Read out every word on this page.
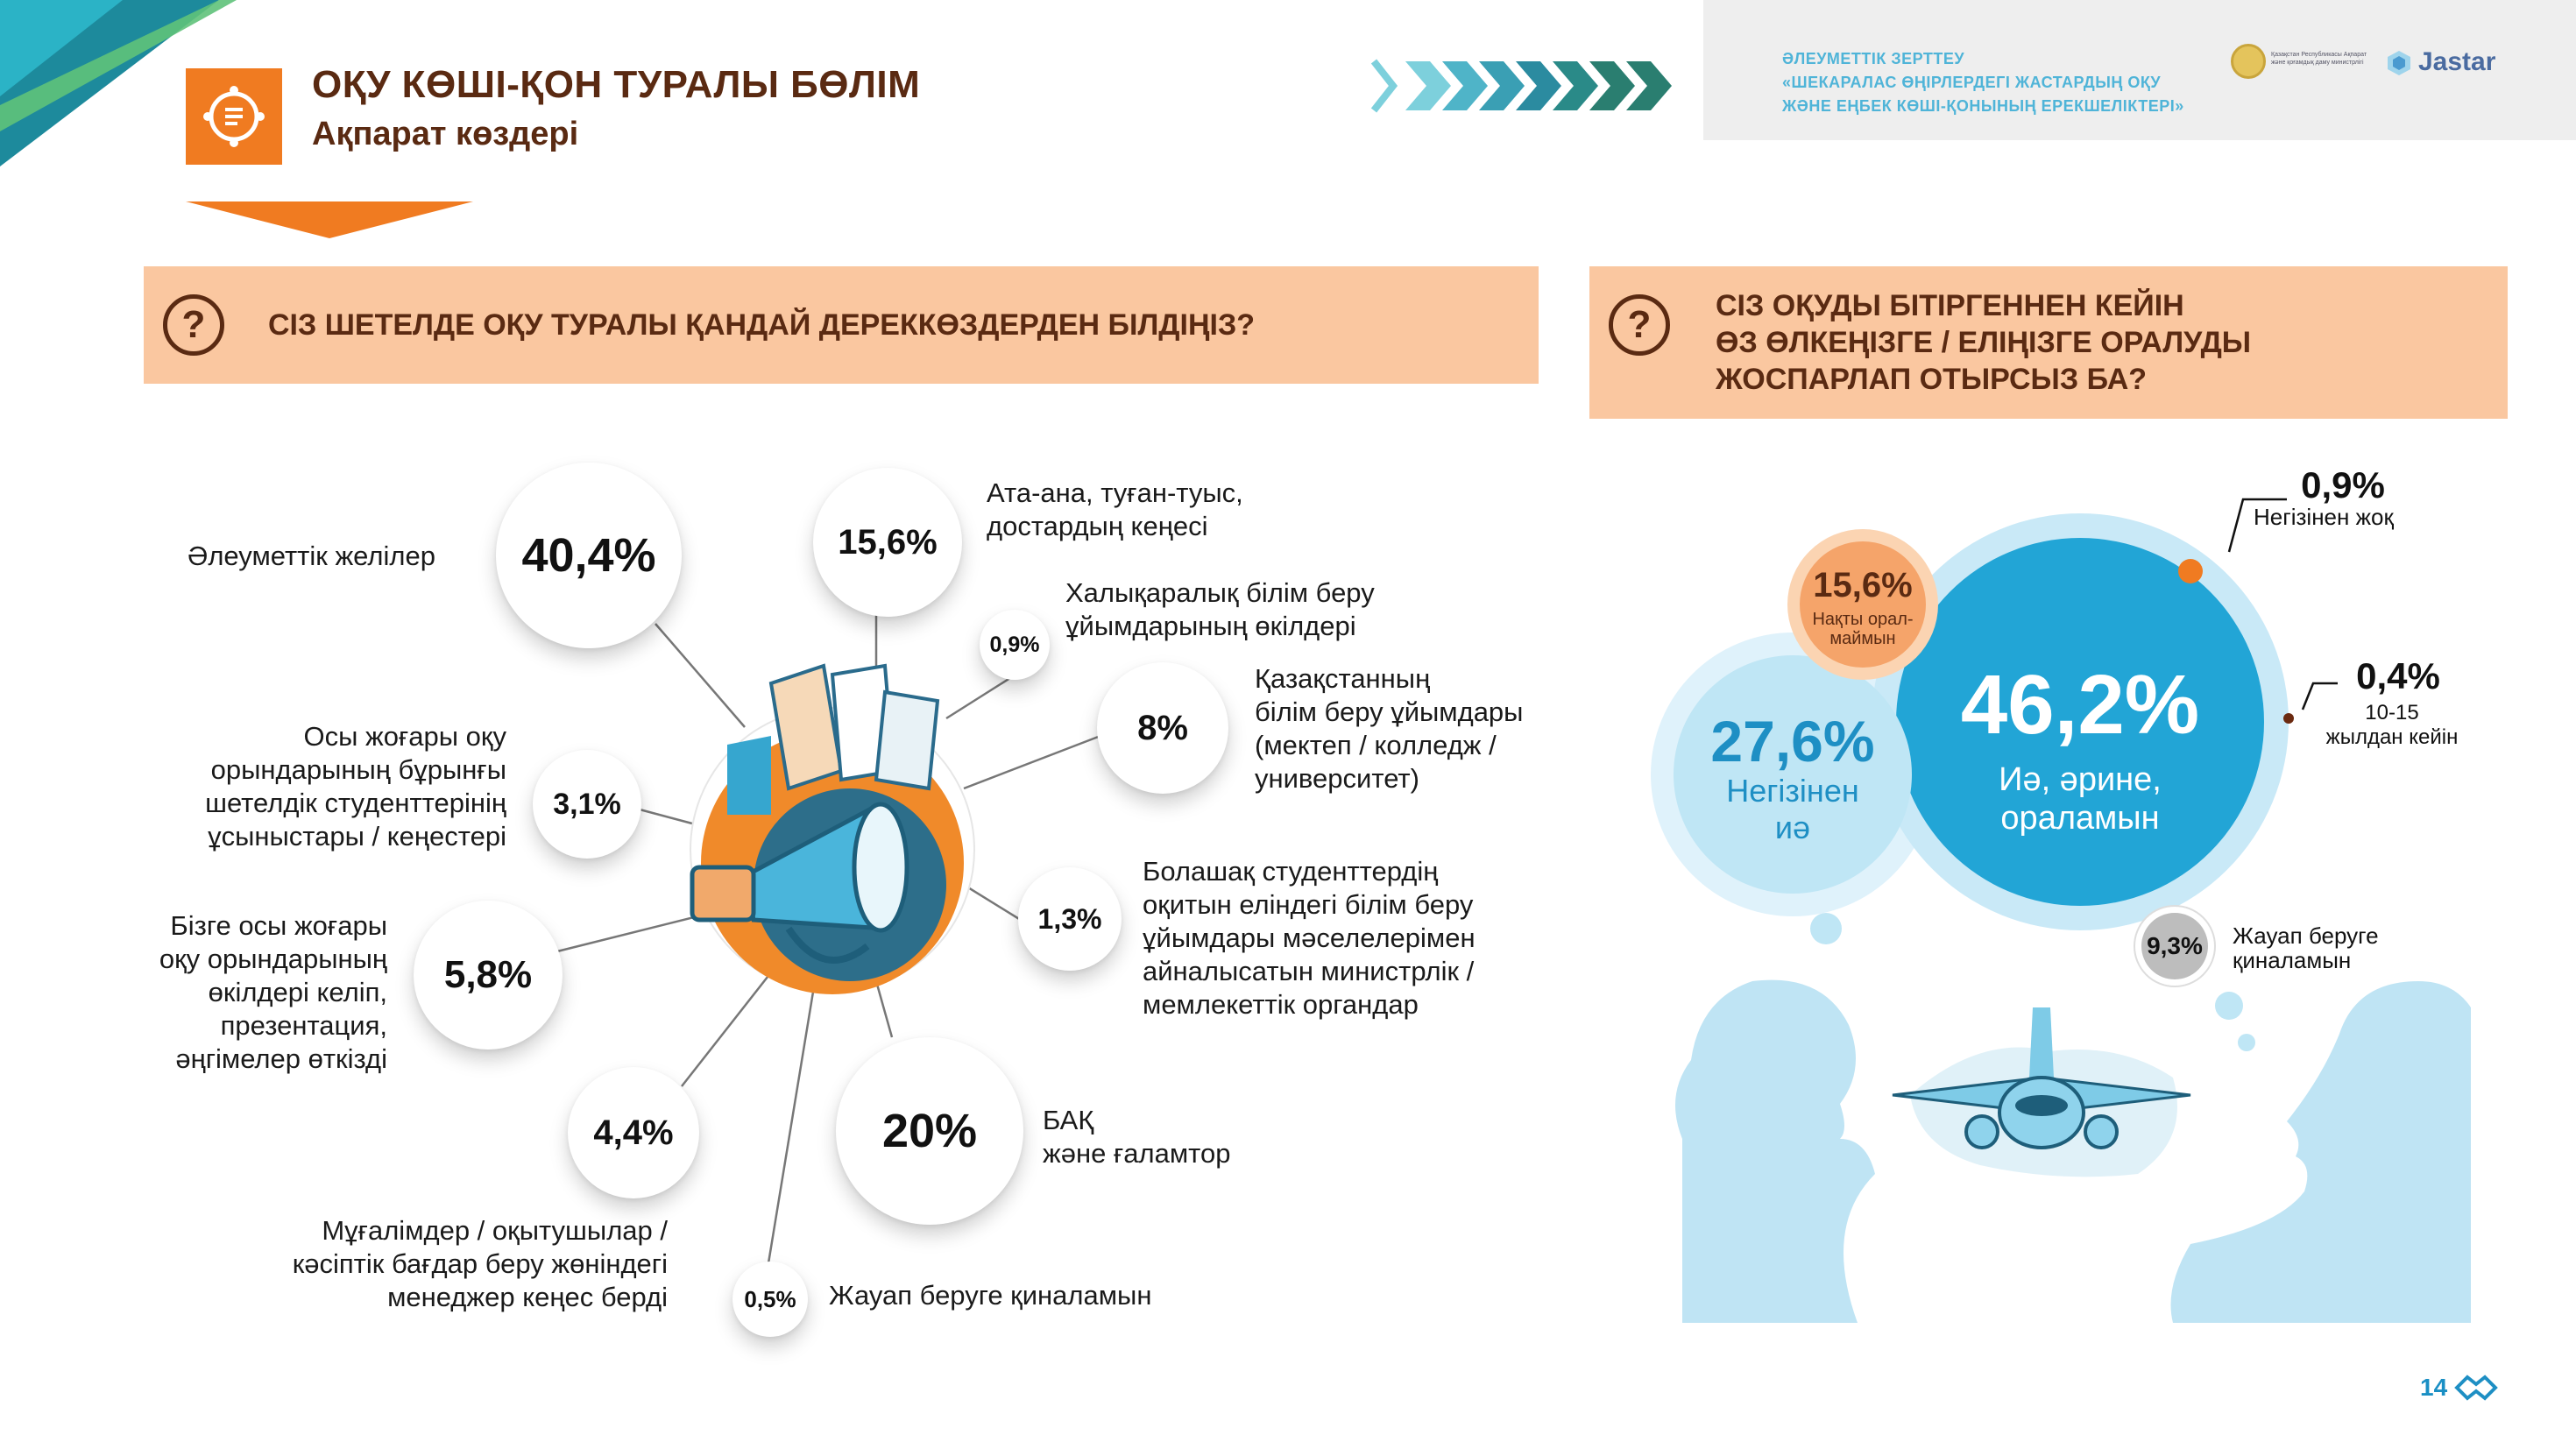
ОҚУ КӨШІ-ҚОН ТУРАЛЫ БӨЛІМ
Ақпарат көздері
ӘЛЕУМЕТТІК ЗЕРТТЕУ
«ШЕКАРАЛАС ӨҢІРЛЕРДЕГІ ЖАСТАРДЫҢ ОҚУ
ЖӘНЕ ЕҢБЕК КӨШІ-ҚОНЫНЫҢ ЕРЕКШЕЛІКТЕРІ»
Қазақстан Республикасы Ақпарат және қоғамдық даму министрлігі Jastar
?	СІЗ ШЕТЕЛДЕ ОҚУ ТУРАЛЫ ҚАНДАЙ ДЕРЕККӨЗДЕРДЕН БІЛДІҢІЗ?	?	СІЗ ОҚУДЫ БІТІРГЕННЕН КЕЙІН
ӨЗ ӨЛКЕҢІЗГЕ / ЕЛІҢІЗГЕ ОРАЛУДЫ
ЖОСПАРЛАП ОТЫРСЫЗ БА?
40,4%
Әлеуметтік желілер	15,6%
Ата-ана, туған-туыс,
достардың кеңесі
0,9%
Халықаралық білім беру
ұйымдарының өкілдері
8%
Қазақстанның
білім беру ұйымдары
(мектеп / колледж /
университет)
3,1%
Осы жоғары оқу
орындарының бұрынғы
шетелдік студенттерінің
ұсыныстары / кеңестері
1,3%
Болашақ студенттердің
оқитын еліндегі білім беру
ұйымдары мәселелерімен
айналысатын министрлік /
мемлекеттік органдар
5,8%
Бізге осы жоғары
оқу орындарының
өкілдері келіп,
презентация,
әңгімелер өткізді
4,4%
Мұғалімдер / оқытушылар /
кәсіптік бағдар беру жөніндегі
менеджер кеңес берді
20%	БАҚ
және ғаламтор
0,5%	Жауап беруге қиналамын
46,2%
Иә, әрине,
ораламын
27,6%
Негізінен
иә
15,6%
Нақты орал-
маймын
9,3%	Жауап беруге
қиналамын
0,9%
Негізінен жоқ
0,4%
10-15
жылдан кейін
14
